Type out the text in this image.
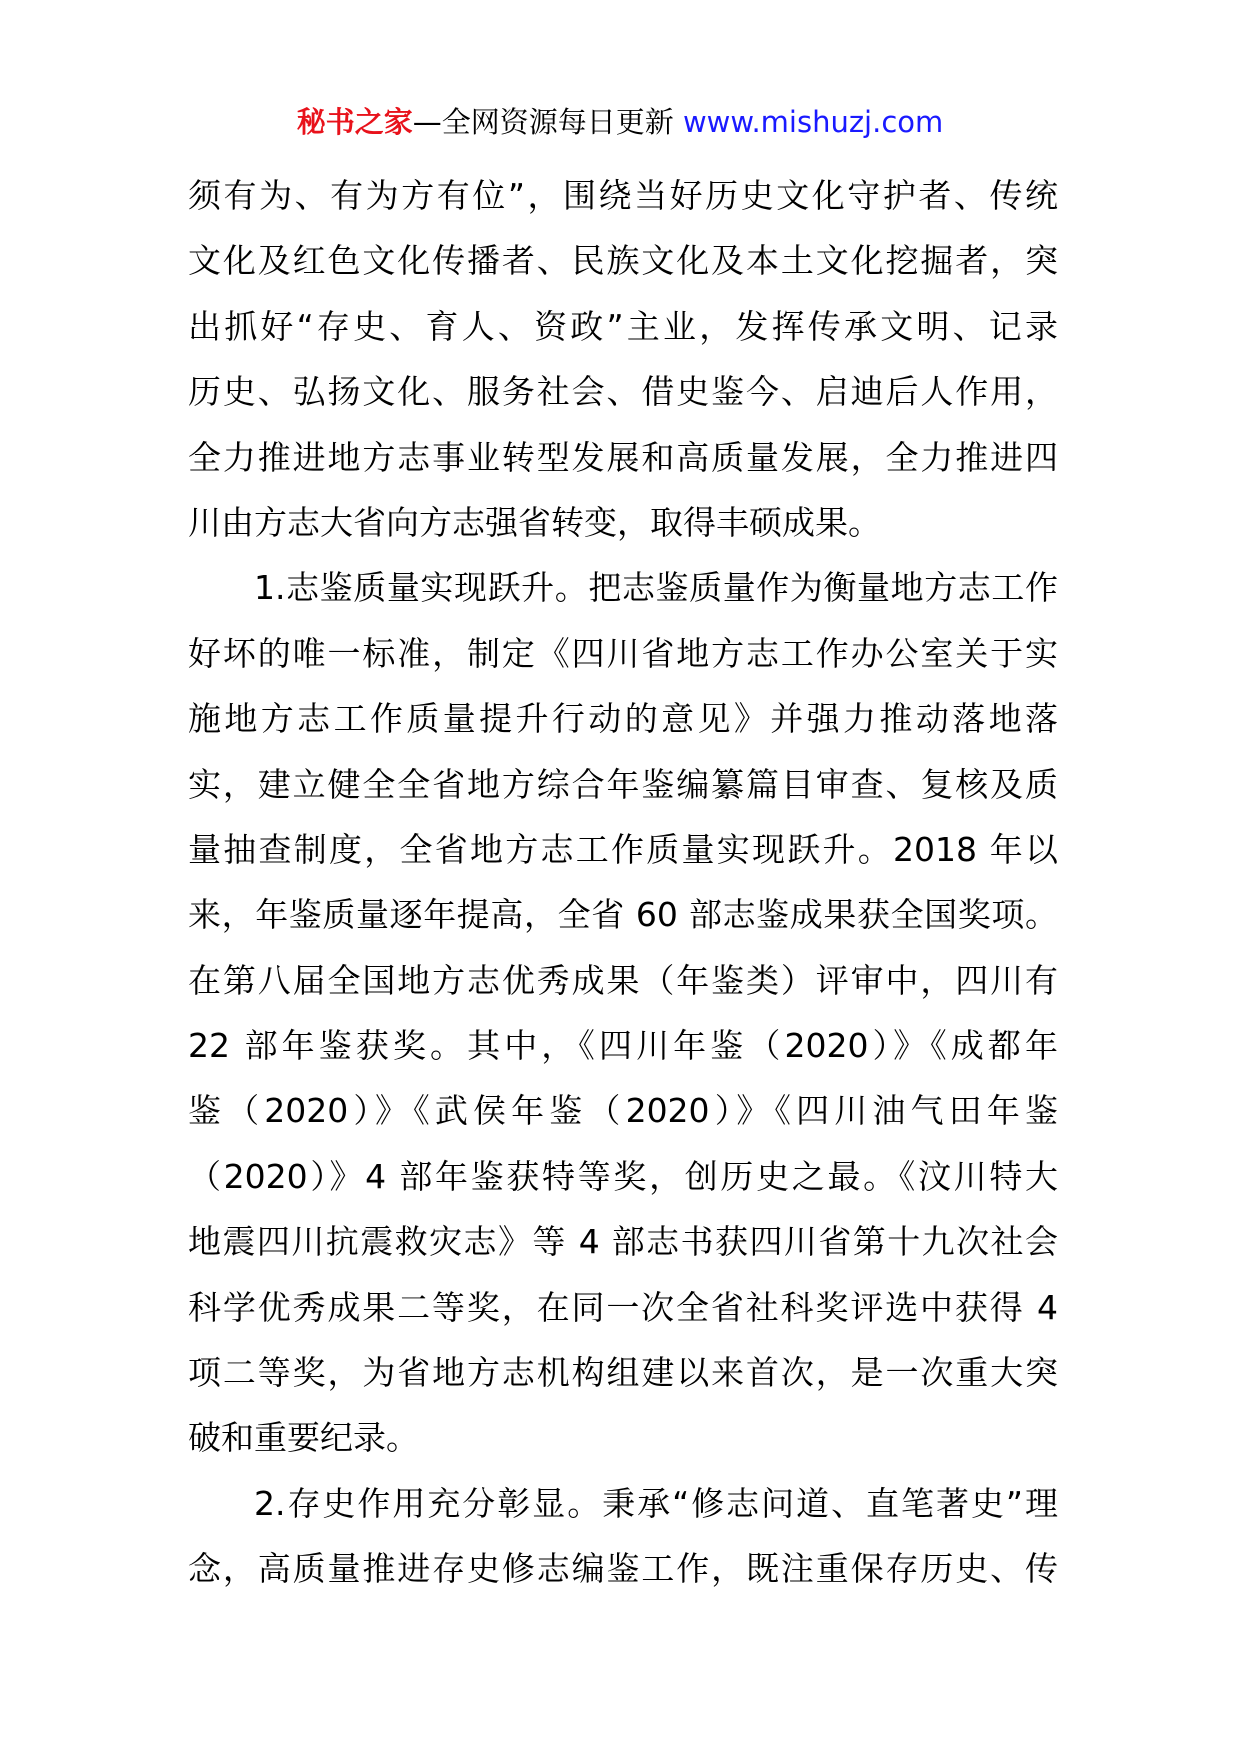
秘书之家—全网资源每日更新 www.mishuzj.com
须有为、有为方有位”，围绕当好历史文化守护者、传统
文化及红色文化传播者、民族文化及本土文化挖掘者，突
出抓好“存史、育人、资政”主业，发挥传承文明、记录
历史、弘扬文化、服务社会、借史鉴今、启迪后人作用，
全力推进地方志事业转型发展和高质量发展，全力推进四
川由方志大省向方志强省转变，取得丰硕成果。
1.志鉴质量实现跃升。把志鉴质量作为衡量地方志工作
好坏的唯一标准，制定《四川省地方志工作办公室关于实
施地方志工作质量提升行动的意见》并强力推动落地落
实，建立健全全省地方综合年鉴编纂篇目审查、复核及质
量抽查制度，全省地方志工作质量实现跃升。2018 年以
来，年鉴质量逐年提高，全省 60 部志鉴成果获全国奖项。
在第八届全国地方志优秀成果（年鉴类）评审中，四川有
22 部年鉴获奖。其中，《四川年鉴（2020）》《成都年
鉴（2020）》《武侯年鉴（2020）》《四川油气田年鉴
（2020）》4 部年鉴获特等奖，创历史之最。《汶川特大
地震四川抗震救灾志》等 4 部志书获四川省第十九次社会
科学优秀成果二等奖，在同一次全省社科奖评选中获得 4
项二等奖，为省地方志机构组建以来首次，是一次重大突
破和重要纪录。
2.存史作用充分彰显。秉承“修志问道、直笔著史”理
念，高质量推进存史修志编鉴工作，既注重保存历史、传
